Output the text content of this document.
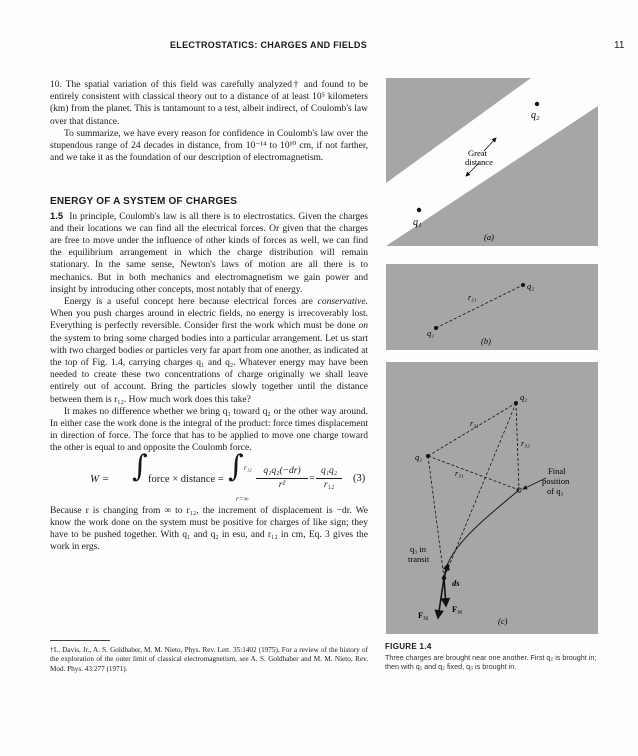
ELECTROSTATICS: CHARGES AND FIELDS	11

10. The spatial variation of this field was carefully analyzed† and found to be entirely consistent with classical theory out to a distance of at least 10⁵ kilometers (km) from the planet. This is tantamount to a test, albeit indirect, of Coulomb's law over that distance.

To summarize, we have every reason for confidence in Coulomb's law over the stupendous range of 24 decades in distance, from 10⁻¹⁴ to 10¹⁰ cm, if not farther, and we take it as the foundation of our description of electromagnetism.

ENERGY OF A SYSTEM OF CHARGES

1.5 In principle, Coulomb's law is all there is to electrostatics. Given the charges and their locations we can find all the electrical forces. Or given that the charges are free to move under the influence of other kinds of forces as well, we can find the equilibrium arrangement in which the charge distribution will remain stationary. In the same sense, Newton's laws of motion are all there is to mechanics. But in both mechanics and electromagnetism we gain power and insight by introducing other concepts, most notably that of energy.

Energy is a useful concept here because electrical forces are conservative. When you push charges around in electric fields, no energy is irrecoverably lost. Everything is perfectly reversible. Consider first the work which must be done on the system to bring some charged bodies into a particular arrangement. Let us start with two charged bodies or particles very far apart from one another, as indicated at the top of Fig. 1.4, carrying charges q₁ and q₂. Whatever energy may have been needed to create these two concentrations of charge originally we shall leave entirely out of account. Bring the particles slowly together until the distance between them is r₁₂. How much work does this take?

It makes no difference whether we bring q₁ toward q₂ or the other way around. In either case the work done is the integral of the product: force times displacement in direction of force. The force that has to be applied to move one charge toward the other is equal to and opposite the Coulomb force.

W = ∫ force × distance = ∫ r₁₂
r=∞
$\frac{\text{q₁q₂(−dr)}}{\text{r²}} = \frac{\text{q₁q₂}}{\text{r₁₂}} (3)$

Because r is changing from ∞ to r₁₂, the increment of displacement is −dr. We know the work done on the system must be positive for charges of like sign; they have to be pushed together. With q₁ and q₂ in esu, and r₁₂ in cm, Eq. 3 gives the work in ergs.

†L. Davis, Jr., A. S. Goldhaber, M. M. Nieto, Phys. Rev. Lett. 35:1402 (1975). For a review of the history of the exploration of the outer limit of classical electromagnetism, see A. S. Goldhaber and M. M. Nieto, Rev. Mod. Phys. 43:277 (1971).
q₂
q₁
Great
distance
(a)
q₁
q₂
r₂₁
(b)
q₁
q₂
r₂₁
r₃₂
r₃₁	Final
position
of q₃
q₃ in
transit
ds
F₃₂
F₃₁
(c)
FIGURE 1.4
Three charges are brought near one another. First q₂ is brought in; then with q₁ and q₂ fixed, q₃ is brought in.
